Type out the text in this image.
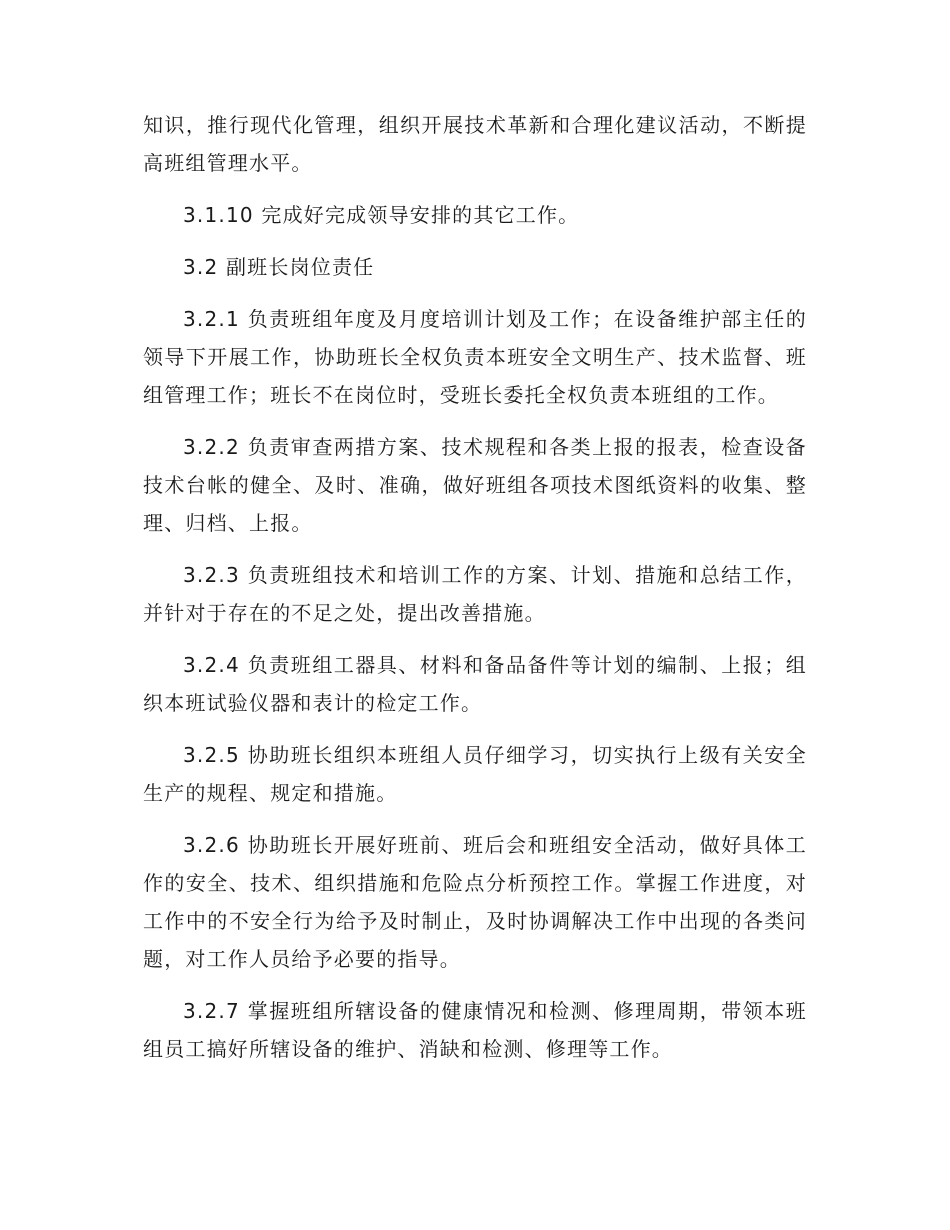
知识，推行现代化管理，组织开展技术革新和合理化建议活动，不断提高班组管理水平。

3.1.10 完成好完成领导安排的其它工作。

3.2 副班长岗位责任

3.2.1 负责班组年度及月度培训计划及工作；在设备维护部主任的领导下开展工作，协助班长全权负责本班安全文明生产、技术监督、班组管理工作；班长不在岗位时，受班长委托全权负责本班组的工作。

3.2.2 负责审查两措方案、技术规程和各类上报的报表，检查设备技术台帐的健全、及时、准确，做好班组各项技术图纸资料的收集、整理、归档、上报。

3.2.3 负责班组技术和培训工作的方案、计划、措施和总结工作，并针对于存在的不足之处，提出改善措施。

3.2.4 负责班组工器具、材料和备品备件等计划的编制、上报；组织本班试验仪器和表计的检定工作。

3.2.5 协助班长组织本班组人员仔细学习，切实执行上级有关安全生产的规程、规定和措施。

3.2.6 协助班长开展好班前、班后会和班组安全活动，做好具体工作的安全、技术、组织措施和危险点分析预控工作。掌握工作进度，对工作中的不安全行为给予及时制止，及时协调解决工作中出现的各类问题，对工作人员给予必要的指导。

3.2.7 掌握班组所辖设备的健康情况和检测、修理周期，带领本班组员工搞好所辖设备的维护、消缺和检测、修理等工作。
